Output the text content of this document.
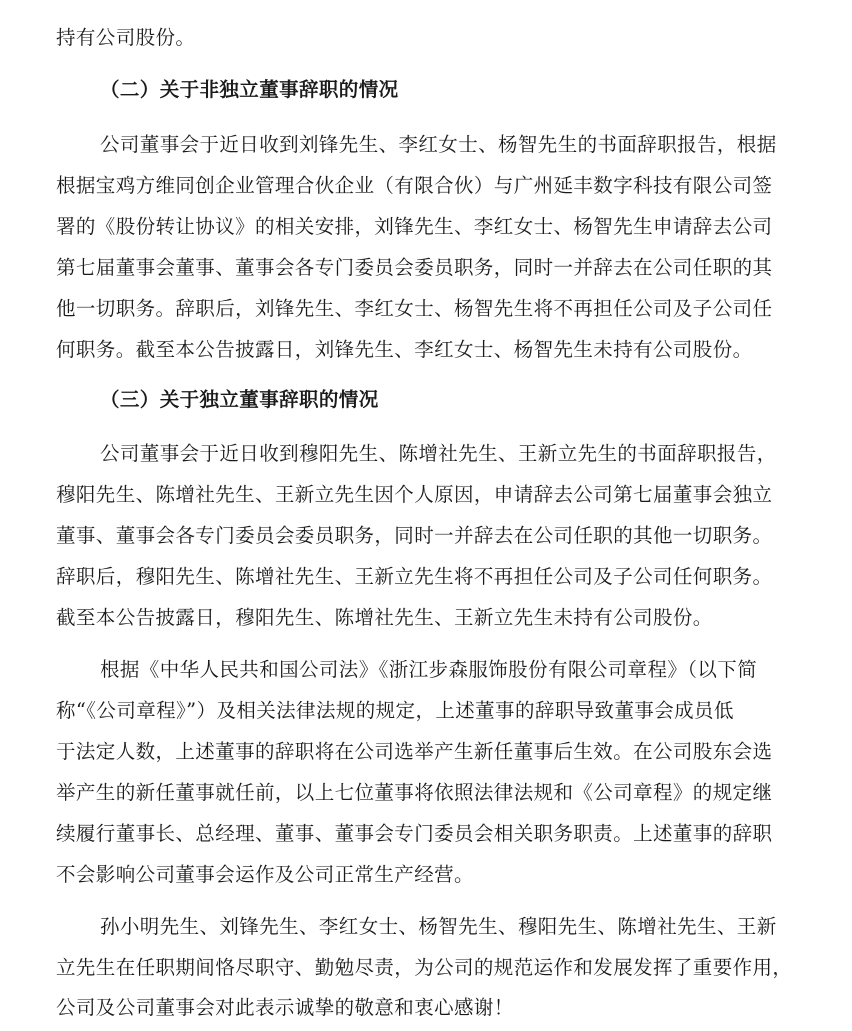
持有公司股份。
（二）关于非独立董事辞职的情况
公司董事会于近日收到刘锋先生、李红女士、杨智先生的书面辞职报告，根据
根据宝鸡方维同创企业管理合伙企业（有限合伙）与广州延丰数字科技有限公司签
署的《股份转让协议》的相关安排，刘锋先生、李红女士、杨智先生申请辞去公司
第七届董事会董事、董事会各专门委员会委员职务，同时一并辞去在公司任职的其
他一切职务。辞职后，刘锋先生、李红女士、杨智先生将不再担任公司及子公司任
何职务。截至本公告披露日，刘锋先生、李红女士、杨智先生未持有公司股份。
（三）关于独立董事辞职的情况
公司董事会于近日收到穆阳先生、陈增社先生、王新立先生的书面辞职报告，
穆阳先生、陈增社先生、王新立先生因个人原因，申请辞去公司第七届董事会独立
董事、董事会各专门委员会委员职务，同时一并辞去在公司任职的其他一切职务。
辞职后，穆阳先生、陈增社先生、王新立先生将不再担任公司及子公司任何职务。
截至本公告披露日，穆阳先生、陈增社先生、王新立先生未持有公司股份。
根据《中华人民共和国公司法》《浙江步森服饰股份有限公司章程》（以下简
称“《公司章程》”）及相关法律法规的规定，上述董事的辞职导致董事会成员低
于法定人数，上述董事的辞职将在公司选举产生新任董事后生效。在公司股东会选
举产生的新任董事就任前，以上七位董事将依照法律法规和《公司章程》的规定继
续履行董事长、总经理、董事、董事会专门委员会相关职务职责。上述董事的辞职
不会影响公司董事会运作及公司正常生产经营。
孙小明先生、刘锋先生、李红女士、杨智先生、穆阳先生、陈增社先生、王新
立先生在任职期间恪尽职守、勤勉尽责，为公司的规范运作和发展发挥了重要作用，
公司及公司董事会对此表示诚挚的敬意和衷心感谢！
